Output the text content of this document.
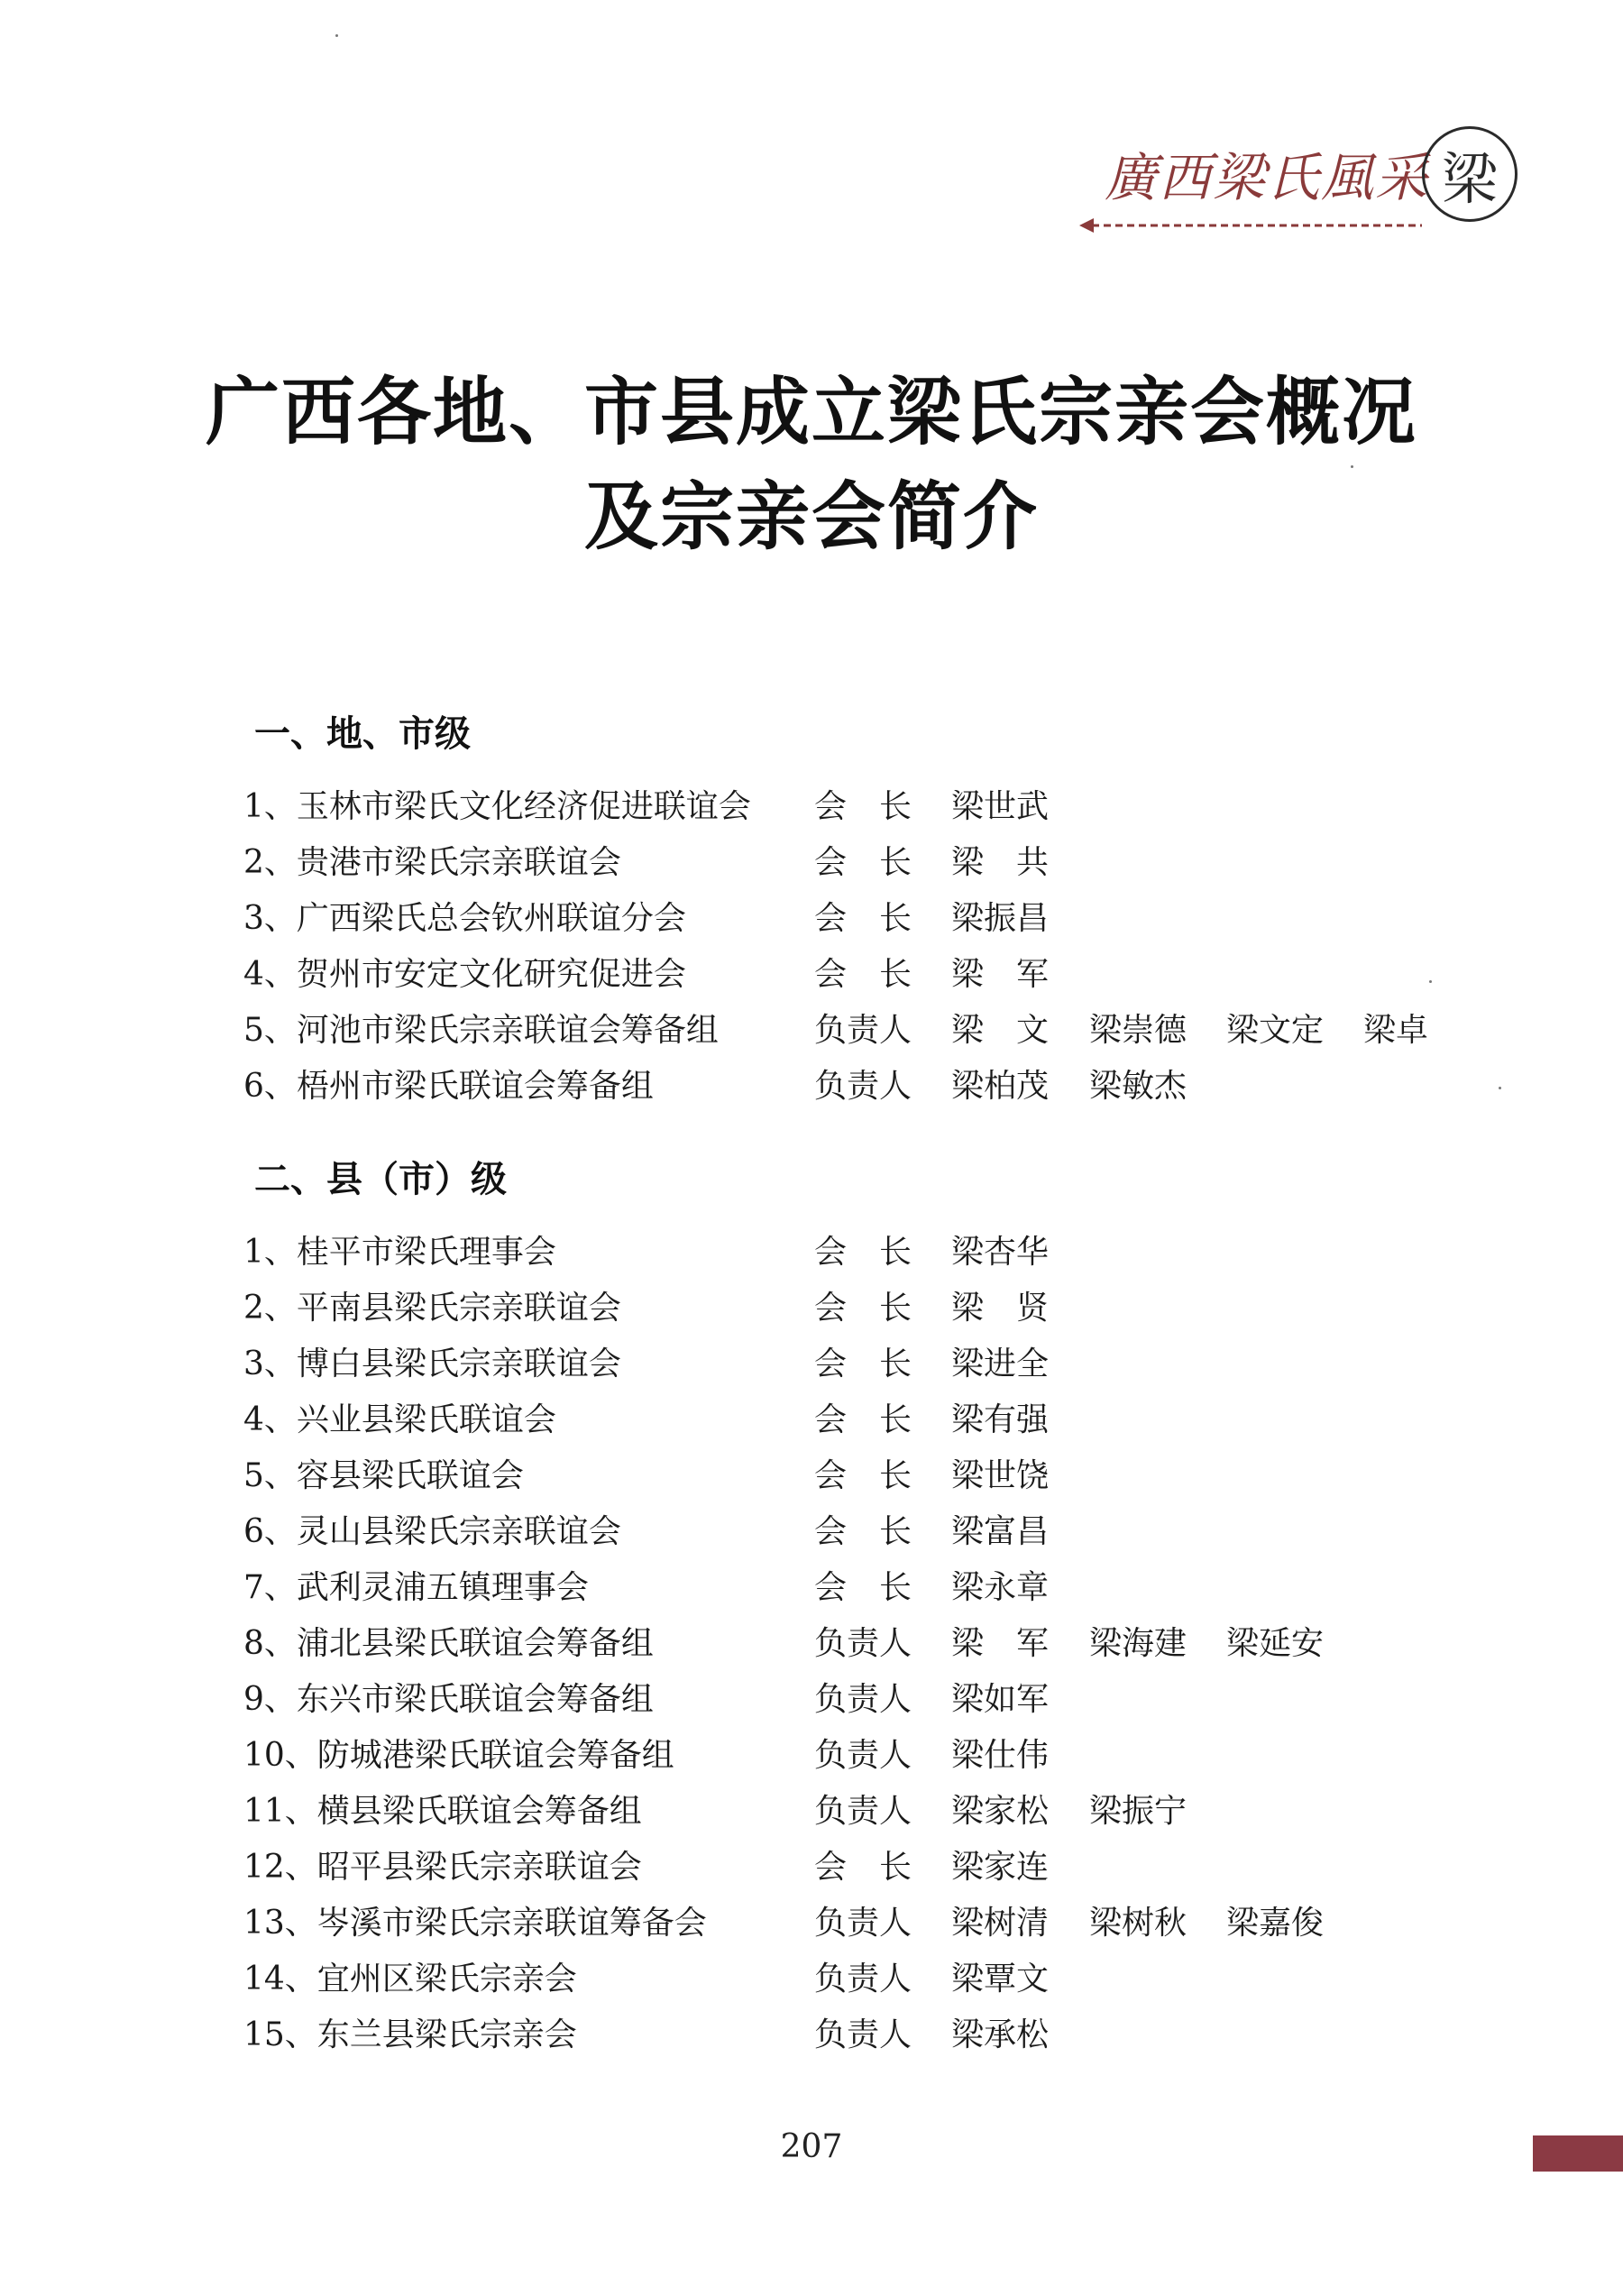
廣西梁氏風采 梁
广西各地、市县成立梁氏宗亲会概况
及宗亲会简介
一、地、市级
1、玉林市梁氏文化经济促进联谊会 会　长 梁世武
2、贵港市梁氏宗亲联谊会	会　长 梁　共
3、广西梁氏总会钦州联谊分会	会　长 梁振昌
4、贺州市安定文化研究促进会	会　长 梁　军
5、河池市梁氏宗亲联谊会筹备组	负责人 梁　文 梁崇德 梁文定 梁卓
6、梧州市梁氏联谊会筹备组	负责人 梁柏茂 梁敏杰
二、县（市）级
1、桂平市梁氏理事会	会　长 梁杏华
2、平南县梁氏宗亲联谊会	会　长 梁　贤
3、博白县梁氏宗亲联谊会	会　长 梁进全
4、兴业县梁氏联谊会	会　长 梁有强
5、容县梁氏联谊会	会　长 梁世饶
6、灵山县梁氏宗亲联谊会	会　长 梁富昌
7、武利灵浦五镇理事会	会　长 梁永章
8、浦北县梁氏联谊会筹备组	负责人 梁　军 梁海建 梁延安
9、东兴市梁氏联谊会筹备组	负责人 梁如军
10、防城港梁氏联谊会筹备组	负责人 梁仕伟
11、横县梁氏联谊会筹备组	负责人 梁家松 梁振宁
12、昭平县梁氏宗亲联谊会	会　长 梁家连
13、岑溪市梁氏宗亲联谊筹备会	负责人 梁树清 梁树秋 梁嘉俊
14、宜州区梁氏宗亲会	负责人 梁覃文
15、东兰县梁氏宗亲会	负责人 梁承松
207
